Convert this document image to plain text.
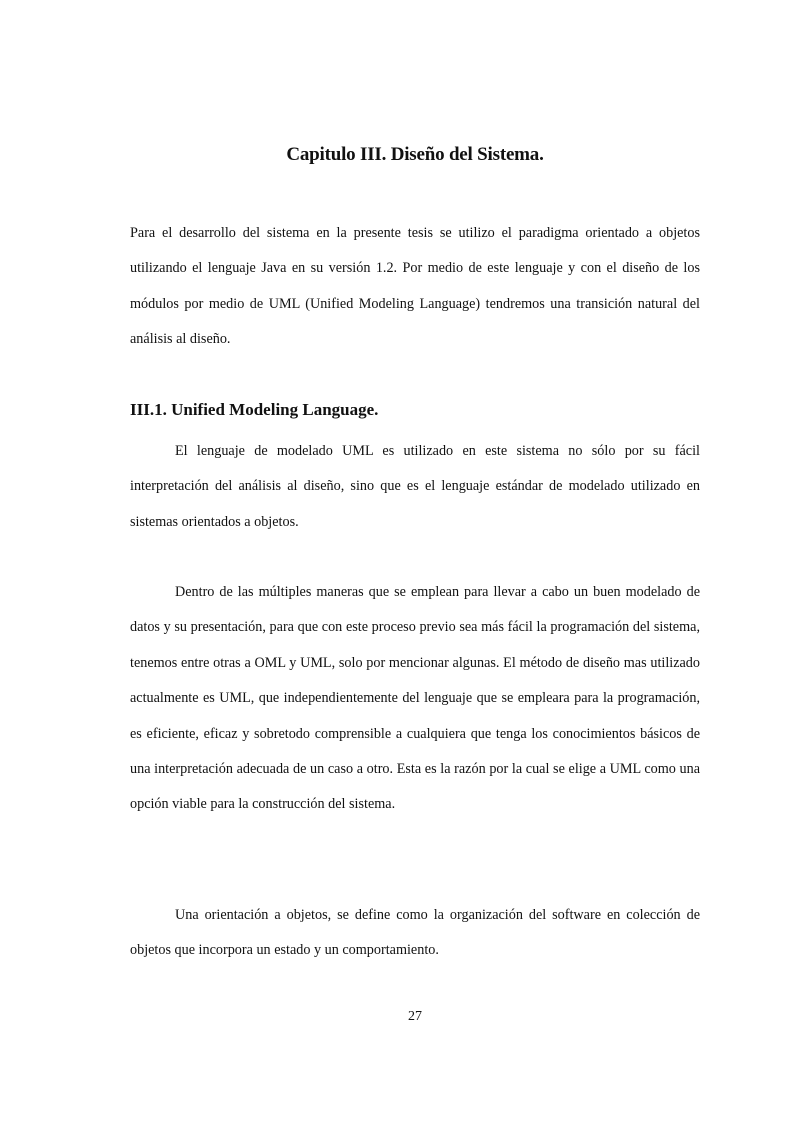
Capitulo III. Diseño del Sistema.

Para el desarrollo del sistema en la presente tesis se utilizo el paradigma orientado a objetos utilizando el lenguaje Java en su versión 1.2. Por medio de este lenguaje y con el diseño de los módulos por medio de UML (Unified Modeling Language) tendremos una transición natural del análisis al diseño.

III.1. Unified Modeling Language.

El lenguaje de modelado UML es utilizado en este sistema no sólo por su fácil interpretación del análisis al diseño, sino que es el lenguaje estándar de modelado utilizado en sistemas orientados a objetos.

Dentro de las múltiples maneras que se emplean para llevar a cabo un buen modelado de datos y su presentación, para que con este proceso previo sea más fácil la programación del sistema, tenemos entre otras a OML y UML, solo por mencionar algunas. El método de diseño mas utilizado actualmente es UML, que independientemente del lenguaje que se empleara para la programación, es eficiente, eficaz y sobretodo comprensible a cualquiera que tenga los conocimientos básicos de una interpretación adecuada de un caso a otro. Esta es la razón por la cual se elige a UML como una opción viable para la construcción del sistema.

Una orientación a objetos, se define como la organización del software en colección de objetos que incorpora un estado y un comportamiento.

27
